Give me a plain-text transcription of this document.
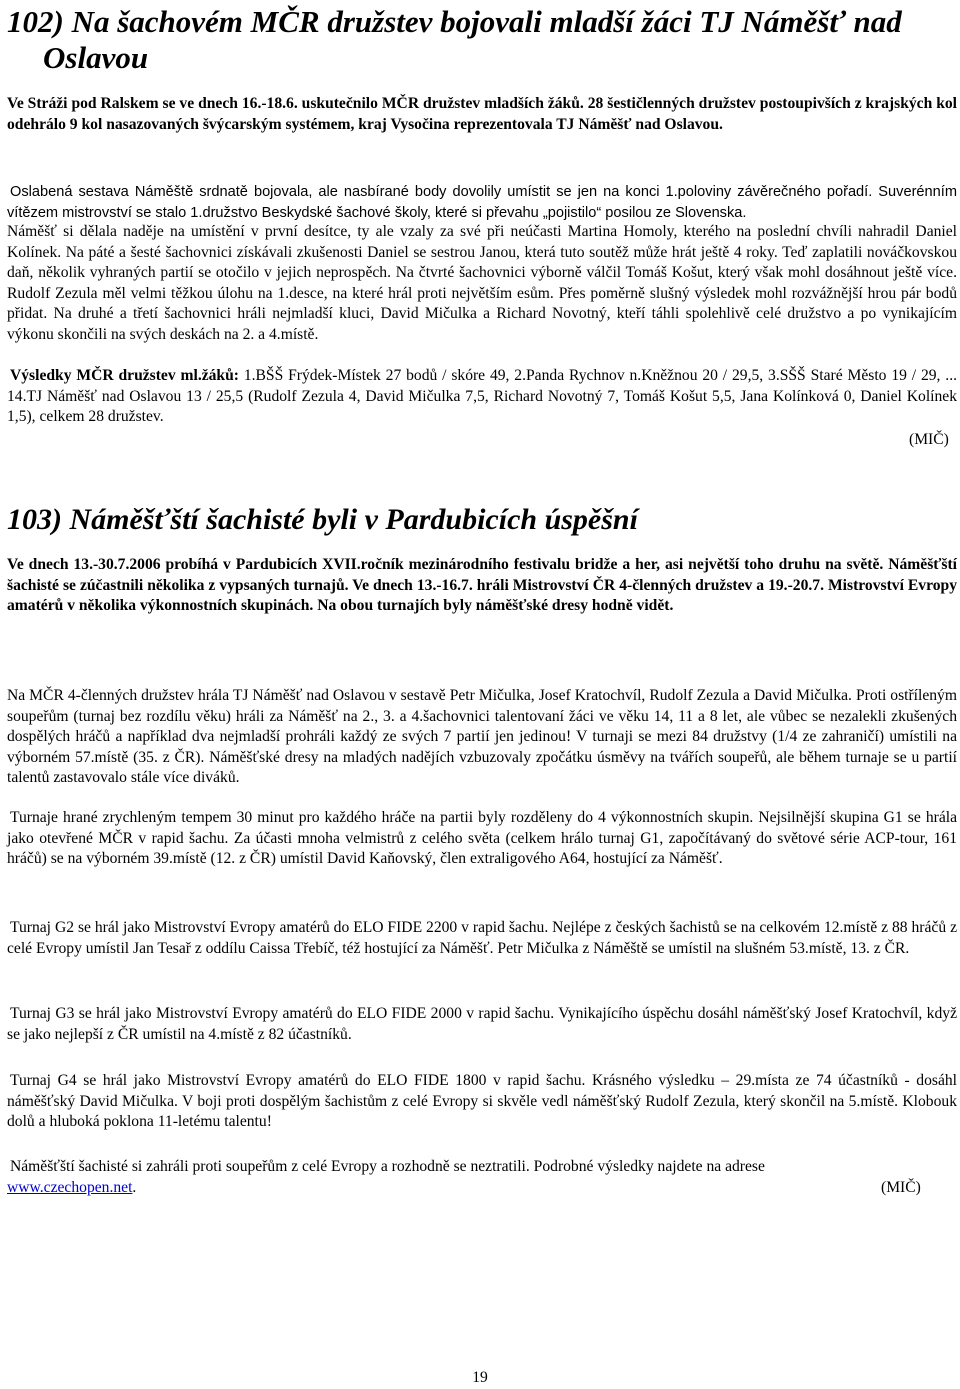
102) Na šachovém MČR družstev bojovali mladší žáci TJ Náměšť nad
Oslavou

Ve Stráži pod Ralskem se ve dnech 16.-18.6. uskutečnilo MČR družstev mladších žáků. 28 šestičlenných družstev postoupivších z krajských kol odehrálo 9 kol nasazovaných švýcarským systémem, kraj Vysočina reprezentovala TJ Náměšť nad Oslavou.

Oslabená sestava Náměště srdnatě bojovala, ale nasbírané body dovolily umístit se jen na konci 1.poloviny závěrečného pořadí. Suverénním vítězem mistrovství se stalo 1.družstvo Beskydské šachové školy, které si převahu „pojistilo“ posilou ze Slovenska.

Náměšť si dělala naděje na umístění v první desítce, ty ale vzaly za své při neúčasti Martina Homoly, kterého na poslední chvíli nahradil Daniel Kolínek. Na páté a šesté šachovnici získávali zkušenosti Daniel se sestrou Janou, která tuto soutěž může hrát ještě 4 roky. Teď zaplatili nováčkovskou daň, několik vyhraných partií se otočilo v jejich neprospěch. Na čtvrté šachovnici výborně válčil Tomáš Košut, který však mohl dosáhnout ještě více. Rudolf Zezula měl velmi těžkou úlohu na 1.desce, na které hrál proti největším esům. Přes poměrně slušný výsledek mohl rozvážnější hrou pár bodů přidat. Na druhé a třetí šachovnici hráli nejmladší kluci, David Mičulka a Richard Novotný, kteří táhli spolehlivě celé družstvo a po vynikajícím výkonu skončili na svých deskách na 2. a 4.místě.

Výsledky MČR družstev ml.žáků: 1.BŠŠ Frýdek-Místek 27 bodů / skóre 49, 2.Panda Rychnov n.Kněžnou 20 / 29,5, 3.SŠŠ Staré Město 19 / 29, ... 14.TJ Náměšť nad Oslavou 13 / 25,5 (Rudolf Zezula 4, David Mičulka 7,5, Richard Novotný 7, Tomáš Košut 5,5, Jana Kolínková 0, Daniel Kolínek 1,5), celkem 28 družstev.

(MIČ)
103) Náměšťští šachisté byli v Pardubicích úspěšní

Ve dnech 13.-30.7.2006 probíhá v Pardubicích XVII.ročník mezinárodního festivalu bridže a her, asi největší toho druhu na světě. Náměšťští šachisté se zúčastnili několika z vypsaných turnajů. Ve dnech 13.-16.7. hráli Mistrovství ČR 4-členných družstev a 19.-20.7. Mistrovství Evropy amatérů v několika výkonnostních skupinách. Na obou turnajích byly náměšťské dresy hodně vidět.

Na MČR 4-členných družstev hrála TJ Náměšť nad Oslavou v sestavě Petr Mičulka, Josef Kratochvíl, Rudolf Zezula a David Mičulka. Proti ostříleným soupeřům (turnaj bez rozdílu věku) hráli za Náměšť na 2., 3. a 4.šachovnici talentovaní žáci ve věku 14, 11 a 8 let, ale vůbec se nezalekli zkušených dospělých hráčů a například dva nejmladší prohráli každý ze svých 7 partií jen jedinou! V turnaji se mezi 84 družstvy (1/4 ze zahraničí) umístili na výborném 57.místě (35. z ČR). Náměšťské dresy na mladých nadějích vzbuzovaly zpočátku úsměvy na tvářích soupeřů, ale během turnaje se u partií talentů zastavovalo stále více diváků.

Turnaje hrané zrychleným tempem 30 minut pro každého hráče na partii byly rozděleny do 4 výkonnostních skupin. Nejsilnější skupina G1 se hrála jako otevřené MČR v rapid šachu. Za účasti mnoha velmistrů z celého světa (celkem hrálo turnaj G1, započítávaný do světové série ACP-tour, 161 hráčů) se na výborném 39.místě (12. z ČR) umístil David Kaňovský, člen extraligového A64, hostující za Náměšť.

Turnaj G2 se hrál jako Mistrovství Evropy amatérů do ELO FIDE 2200 v rapid šachu. Nejlépe z českých šachistů se na celkovém 12.místě z 88 hráčů z celé Evropy umístil Jan Tesař z oddílu Caissa Třebíč, též hostující za Náměšť. Petr Mičulka z Náměště se umístil na slušném 53.místě, 13. z ČR.

Turnaj G3 se hrál jako Mistrovství Evropy amatérů do ELO FIDE 2000 v rapid šachu. Vynikajícího úspěchu dosáhl náměšťský Josef Kratochvíl, když se jako nejlepší z ČR umístil na 4.místě z 82 účastníků.

Turnaj G4 se hrál jako Mistrovství Evropy amatérů do ELO FIDE 1800 v rapid šachu. Krásného výsledku – 29.místa ze 74 účastníků - dosáhl náměšťský David Mičulka. V boji proti dospělým šachistům z celé Evropy si skvěle vedl náměšťský Rudolf Zezula, který skončil na 5.místě. Klobouk dolů a hluboká poklona 11-letému talentu!

Náměšťští šachisté si zahráli proti soupeřům z celé Evropy a rozhodně se neztratili. Podrobné výsledky najdete na adrese

www.czechopen.net.	(MIČ)
19
